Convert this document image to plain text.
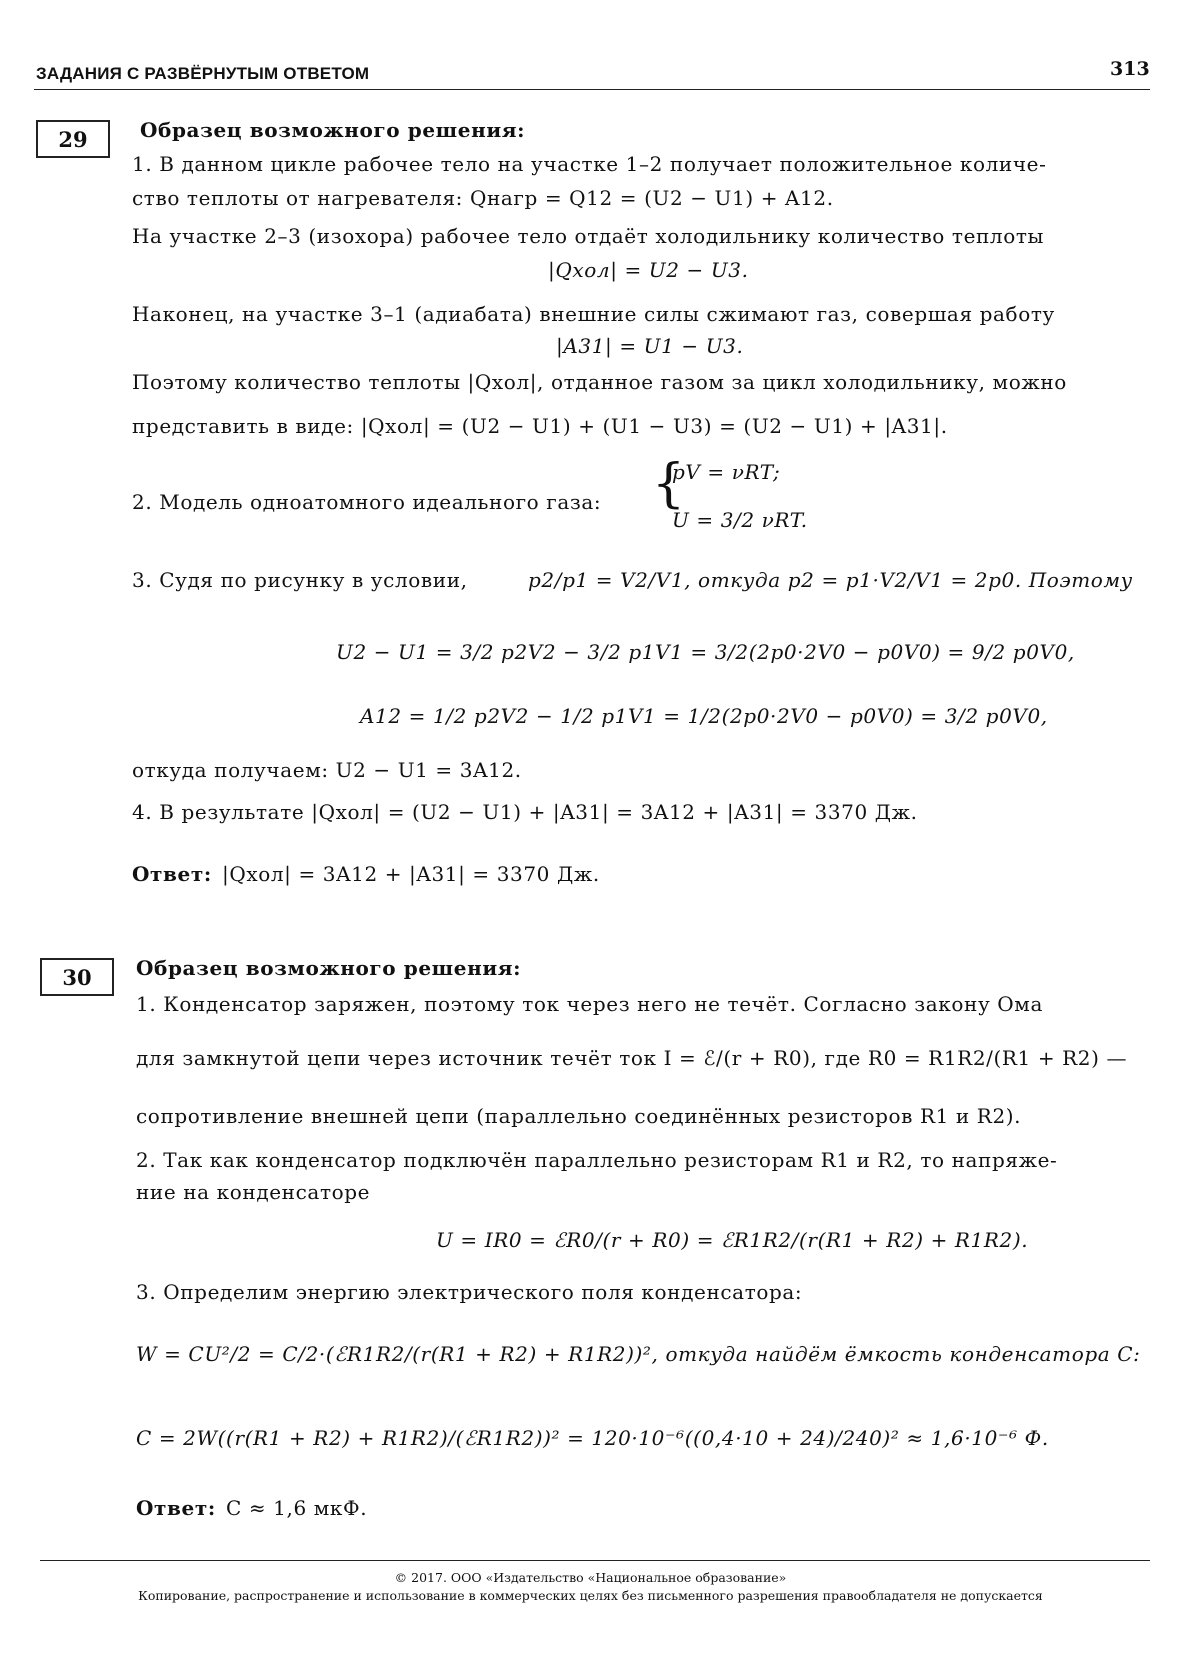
ЗАДАНИЯ С РАЗВЁРНУТЫМ ОТВЕТОМ	313
29	Образец возможного решения:
1. В данном цикле рабочее тело на участке 1–2 получает положительное количе-
ство теплоты от нагревателя: Qнагр = Q12 = (U2 − U1) + A12.
На участке 2–3 (изохора) рабочее тело отдаёт холодильнику количество теплоты
|Qхол| = U2 − U3.
Наконец, на участке 3–1 (адиабата) внешние силы сжимают газ, совершая работу
|A31| = U1 − U3.
Поэтому количество теплоты |Qхол|, отданное газом за цикл холодильнику, можно
представить в виде: |Qхол| = (U2 − U1) + (U1 − U3) = (U2 − U1) + |A31|.
2. Модель одноатомного идеального газа: {
pV = νRT;
U = 3/2 νRT.
3. Судя по рисунку в условии,	p2/p1 = V2/V1, откуда p2 = p1·V2/V1 = 2p0. Поэтому
U2 − U1 = 3/2 p2V2 − 3/2 p1V1 = 3/2(2p0·2V0 − p0V0) = 9/2 p0V0,
A12 = 1/2 p2V2 − 1/2 p1V1 = 1/2(2p0·2V0 − p0V0) = 3/2 p0V0,
откуда получаем: U2 − U1 = 3A12.
4. В результате |Qхол| = (U2 − U1) + |A31| = 3A12 + |A31| = 3370 Дж.
Ответ: |Qхол| = 3A12 + |A31| = 3370 Дж.
30	Образец возможного решения:
1. Конденсатор заряжен, поэтому ток через него не течёт. Согласно закону Ома
для замкнутой цепи через источник течёт ток I = ℰ/(r + R0), где R0 = R1R2/(R1 + R2) —
сопротивление внешней цепи (параллельно соединённых резисторов R1 и R2).
2. Так как конденсатор подключён параллельно резисторам R1 и R2, то напряже-
ние на конденсаторе
U = IR0 = ℰR0/(r + R0) = ℰR1R2/(r(R1 + R2) + R1R2).
3. Определим энергию электрического поля конденсатора:
W = CU²/2 = C/2·(ℰR1R2/(r(R1 + R2) + R1R2))², откуда найдём ёмкость конденсатора C:
C = 2W((r(R1 + R2) + R1R2)/(ℰR1R2))² = 120·10⁻⁶((0,4·10 + 24)/240)² ≈ 1,6·10⁻⁶ Ф.
Ответ: C ≈ 1,6 мкФ.
© 2017. ООО «Издательство «Национальное образование»
Копирование, распространение и использование в коммерческих целях без письменного разрешения правообладателя не допускается
